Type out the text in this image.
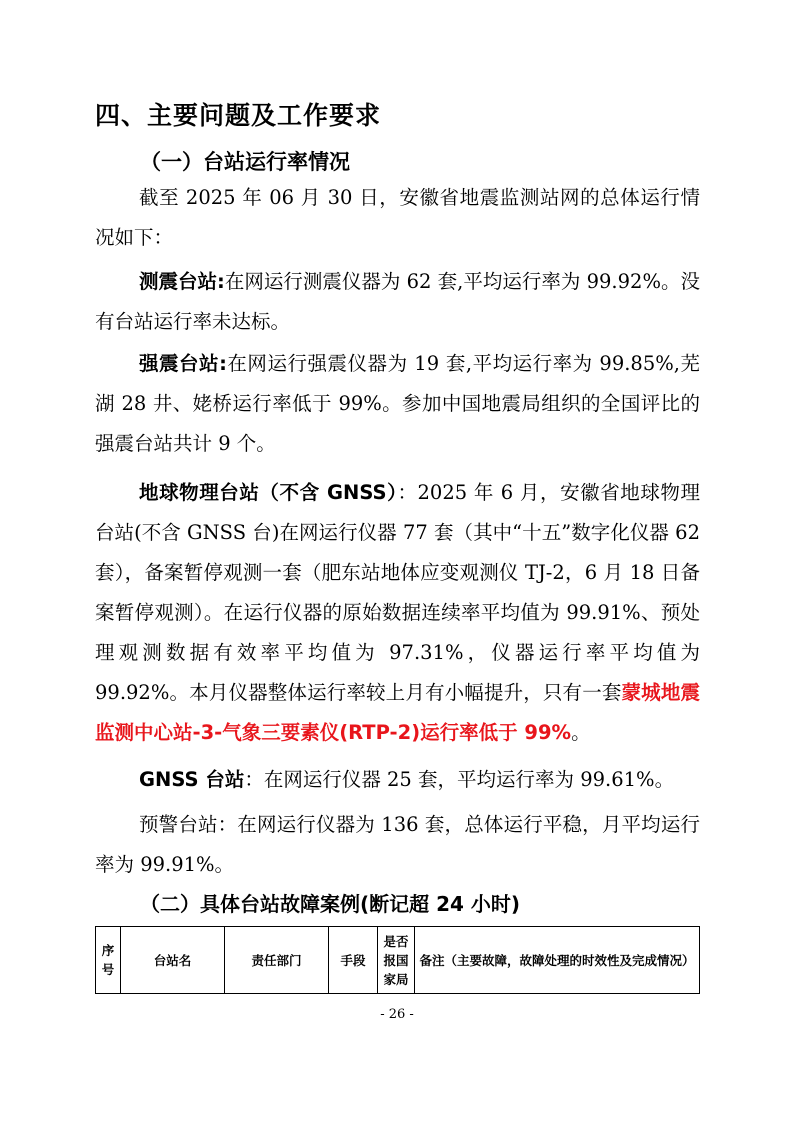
四、主要问题及工作要求
（一）台站运行率情况

截至 2025 年 06 月 30 日，安徽省地震监测站网的总体运行情况如下：

测震台站:在网运行测震仪器为 62 套,平均运行率为 99.92%。没有台站运行率未达标。

强震台站:在网运行强震仪器为 19 套,平均运行率为 99.85%,芜湖 28 井、姥桥运行率低于 99%。参加中国地震局组织的全国评比的强震台站共计 9 个。

地球物理台站（不含 GNSS）：2025 年 6 月，安徽省地球物理台站(不含 GNSS 台)在网运行仪器 77 套（其中“十五”数字化仪器 62 套），备案暂停观测一套（肥东站地体应变观测仪 TJ-2，6 月 18 日备案暂停观测）。在运行仪器的原始数据连续率平均值为 99.91%、预处理观测数据有效率平均值为 97.31%，仪器运行率平均值为 99.92%。本月仪器整体运行率较上月有小幅提升，只有一套蒙城地震监测中心站-3-气象三要素仪(RTP-2)运行率低于 99%。

GNSS 台站：在网运行仪器 25 套，平均运行率为 99.61%。

预警台站：在网运行仪器为 136 套，总体运行平稳，月平均运行率为 99.91%。

（二）具体台站故障案例(断记超 24 小时)
序号	台站名	责任部门	手段	是否报国家局	备注（主要故障，故障处理的时效性及完成情况）
- 26 -
